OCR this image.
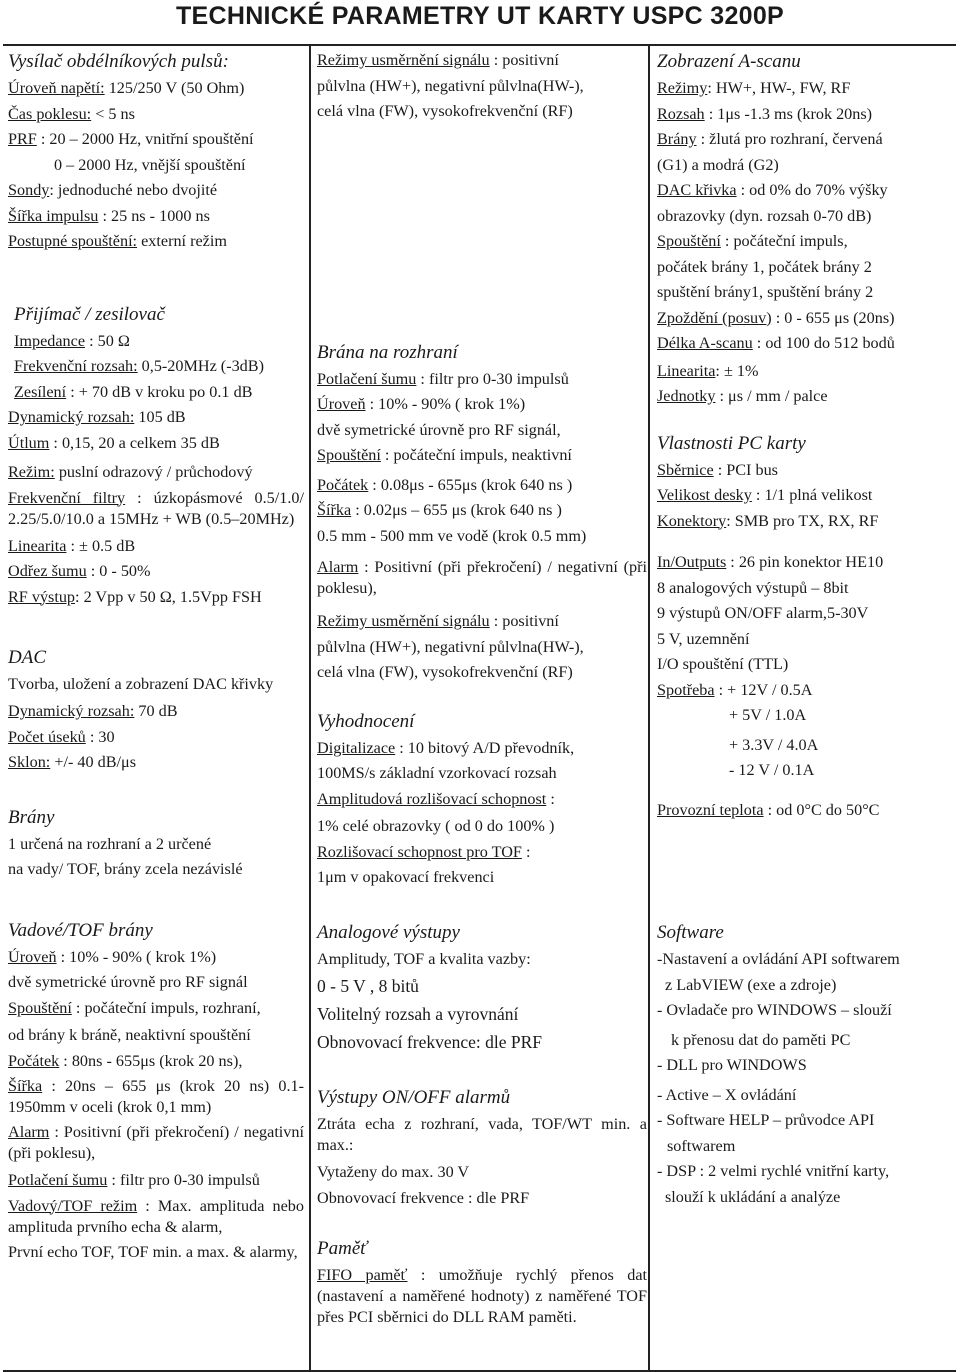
TECHNICKÉ PARAMETRY UT KARTY USPC 3200P
Vysílač obdélníkových pulsů:
Úroveň napětí: 125/250 V (50 Ohm)
Čas poklesu: < 5 ns
PRF : 20 – 2000 Hz, vnitřní spouštění
0 – 2000 Hz, vnější spouštění
Sondy: jednoduché nebo dvojité
Šířka impulsu : 25 ns - 1000 ns
Postupné spouštění: externí režim
Přijímač / zesilovač
Impedance : 50 Ω
Frekvenční rozsah: 0,5-20MHz (-3dB)
Zesílení : + 70 dB v kroku po 0.1 dB
Dynamický rozsah: 105 dB
Útlum : 0,15, 20 a celkem 35 dB
Režim: puslní odrazový / průchodový
Frekvenční filtry : úzkopásmové 0.5/1.0/ 2.25/5.0/10.0 a 15MHz + WB (0.5–20MHz)
Linearita : ± 0.5 dB
Odřez šumu : 0 - 50%
RF výstup: 2 Vpp v 50 Ω, 1.5Vpp FSH
DAC
Tvorba, uložení a zobrazení DAC křivky
Dynamický rozsah: 70 dB
Počet úseků : 30
Sklon: +/- 40 dB/μs
Brány
1 určená na rozhraní a 2 určené
na vady/ TOF, brány zcela nezávislé
Vadové/TOF brány
Úroveň : 10% - 90% ( krok 1%)
dvě symetrické úrovně pro RF signál
Spouštění : počáteční impuls, rozhraní,
od brány k bráně, neaktivní spouštění
Počátek : 80ns - 655μs (krok 20 ns),
Šířka : 20ns – 655 μs (krok 20 ns) 0.1-1950mm v oceli (krok 0,1 mm)
Alarm : Positivní (při překročení) / negativní (při poklesu),
Potlačení šumu : filtr pro 0-30 impulsů
Vadový/TOF režim : Max. amplituda nebo amplituda prvního echa & alarm,
První echo TOF, TOF min. a max. & alarmy,
Režimy usměrnění signálu : positivní
půlvlna (HW+), negativní půlvlna(HW-),
celá vlna (FW), vysokofrekvenční (RF)
Brána na rozhraní
Potlačení šumu : filtr pro 0-30 impulsů
Úroveň : 10% - 90% ( krok 1%)
dvě symetrické úrovně pro RF signál,
Spouštění : počáteční impuls, neaktivní
Počátek : 0.08μs - 655μs (krok 640 ns )
Šířka : 0.02μs – 655 μs (krok 640 ns )
0.5 mm - 500 mm ve vodě (krok 0.5 mm)
Alarm : Positivní (při překročení) / negativní (při poklesu),
Režimy usměrnění signálu : positivní
půlvlna (HW+), negativní půlvlna(HW-),
celá vlna (FW), vysokofrekvenční (RF)
Vyhodnocení
Digitalizace : 10 bitový A/D převodník,
100MS/s základní vzorkovací rozsah
Amplitudová rozlišovací schopnost :
1% celé obrazovky ( od 0 do 100% )
Rozlišovací schopnost pro TOF :
1μm v opakovací frekvenci
Analogové výstupy
Amplitudy, TOF a kvalita vazby:
0 - 5 V , 8 bitů
Volitelný rozsah a vyrovnání
Obnovovací frekvence: dle PRF
Výstupy ON/OFF alarmů
Ztráta echa z rozhraní, vada, TOF/WT min. a max.:
Vytaženy do max. 30 V
Obnovovací frekvence : dle PRF
Paměť
FIFO paměť : umožňuje rychlý přenos dat (nastavení a naměřené hodnoty) z naměřené TOF přes PCI sběrnici do DLL RAM paměti.
Zobrazení A-scanu
Režimy: HW+, HW-, FW, RF
Rozsah : 1μs -1.3 ms (krok 20ns)
Brány : žlutá pro rozhraní, červená
(G1) a modrá (G2)
DAC křivka : od 0% do 70% výšky
obrazovky (dyn. rozsah 0-70 dB)
Spouštění : počáteční impuls,
počátek brány 1, počátek brány 2
spuštění brány1, spuštění brány 2
Zpoždění (posuv) : 0 - 655 μs (20ns)
Délka A-scanu : od 100 do 512 bodů
Linearita: ± 1%
Jednotky : μs / mm / palce
Vlastnosti PC karty
Sběrnice : PCI bus
Velikost desky : 1/1 plná velikost
Konektory: SMB pro TX, RX, RF
In/Outputs : 26 pin konektor HE10
8 analogových výstupů – 8bit
9 výstupů ON/OFF alarm,5-30V
5 V, uzemnění
I/O spouštění (TTL)
Spotřeba : + 12V / 0.5A
+ 5V / 1.0A
+ 3.3V / 4.0A
- 12 V / 0.1A
Provozní teplota : od 0°C do 50°C
Software
-Nastavení a ovládání API softwarem
z LabVIEW (exe a zdroje)
- Ovladače pro WINDOWS – slouží
k přenosu dat do paměti PC
- DLL pro WINDOWS
- Active – X ovládání
- Software HELP – průvodce API
softwarem
- DSP : 2 velmi rychlé vnitřní karty,
slouží k ukládání a analýze
